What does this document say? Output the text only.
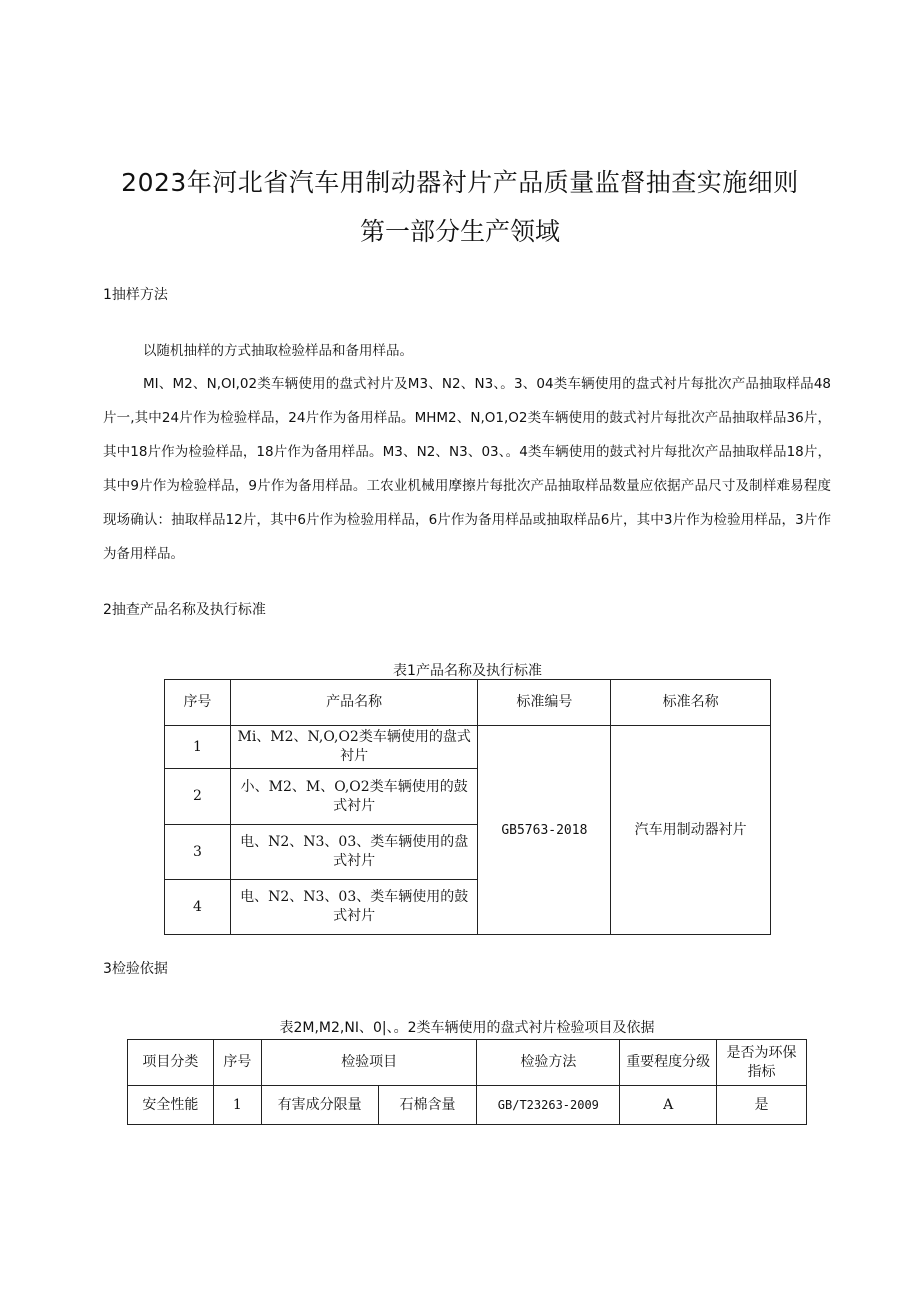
2023年河北省汽车用制动器衬片产品质量监督抽查实施细则
第一部分生产领域
1抽样方法
以随机抽样的方式抽取检验样品和备用样品。
MI、M2、N,OI,02类车辆使用的盘式衬片及M3、N2、N3、。3、04类车辆使用的盘式衬片每批次产品抽取样品48片一,其中24片作为检验样品，24片作为备用样品。MHM2、N,O1,O2类车辆使用的鼓式衬片每批次产品抽取样品36片，其中18片作为检验样品，18片作为备用样品。M3、N2、N3、03、。4类车辆使用的鼓式衬片每批次产品抽取样品18片，其中9片作为检验样品，9片作为备用样品。工农业机械用摩擦片每批次产品抽取样品数量应依据产品尺寸及制样难易程度现场确认：抽取样品12片，其中6片作为检验用样品，6片作为备用样品或抽取样品6片，其中3片作为检验用样品，3片作为备用样品。
2抽查产品名称及执行标准
表1产品名称及执行标准
序号	产品名称	标准编号	标准名称
1	Mi、M2、N,O,O2类车辆使用的盘式衬片	GB5763-2018	汽车用制动器衬片
2	小、M2、M、O,O2类车辆使用的鼓式衬片		
3	电、N2、N3、03、类车辆使用的盘式衬片		
4	电、N2、N3、03、类车辆使用的鼓式衬片		
3检验依据
表2M,M2,NI、0|、。2类车辆使用的盘式衬片检验项目及依据
项目分类	序号	检验项目		检验方法	重要程度分级	是否为环保指标
安全性能	1	有害成分限量	石棉含量	GB/T23263-2009	A	是
